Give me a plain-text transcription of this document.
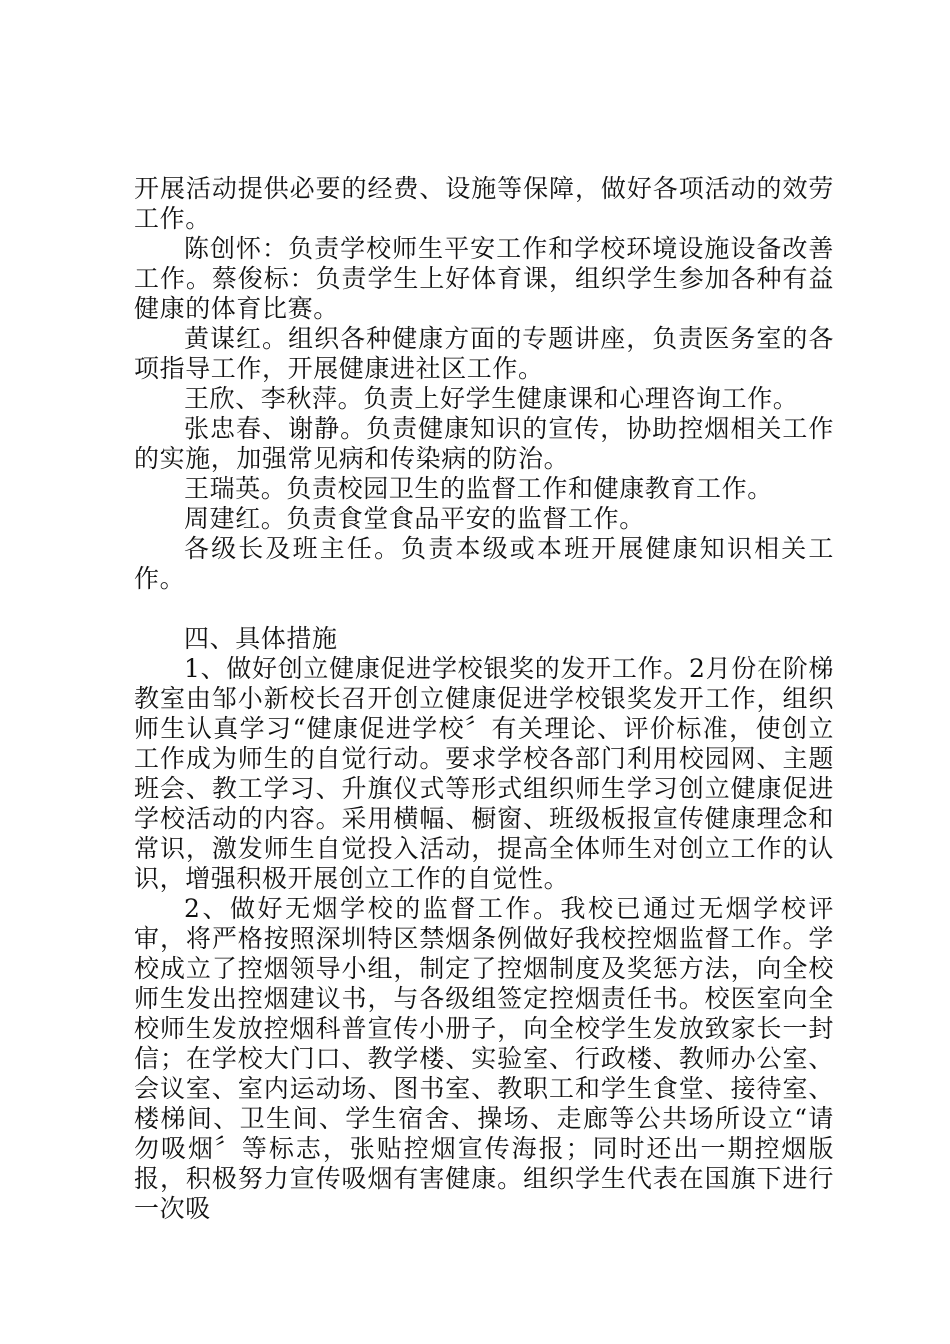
开展活动提供必要的经费、设施等保障，做好各项活动的效劳工作。

陈创怀：负责学校师生平安工作和学校环境设施设备改善工作。蔡俊标：负责学生上好体育课，组织学生参加各种有益健康的体育比赛。

黄谋红。组织各种健康方面的专题讲座，负责医务室的各项指导工作，开展健康进社区工作。

王欣、李秋萍。负责上好学生健康课和心理咨询工作。

张忠春、谢静。负责健康知识的宣传，协助控烟相关工作的实施，加强常见病和传染病的防治。

王瑞英。负责校园卫生的监督工作和健康教育工作。

周建红。负责食堂食品平安的监督工作。

各级长及班主任。负责本级或本班开展健康知识相关工作。

四、具体措施

1、做好创立健康促进学校银奖的发开工作。2月份在阶梯教室由邹小新校长召开创立健康促进学校银奖发开工作，组织师生认真学习“健康促进学校〞有关理论、评价标准，使创立工作成为师生的自觉行动。要求学校各部门利用校园网、主题班会、教工学习、升旗仪式等形式组织师生学习创立健康促进学校活动的内容。采用横幅、橱窗、班级板报宣传健康理念和常识，激发师生自觉投入活动，提高全体师生对创立工作的认识，增强积极开展创立工作的自觉性。

2、做好无烟学校的监督工作。我校已通过无烟学校评审，将严格按照深圳特区禁烟条例做好我校控烟监督工作。学校成立了控烟领导小组，制定了控烟制度及奖惩方法，向全校师生发出控烟建议书，与各级组签定控烟责任书。校医室向全校师生发放控烟科普宣传小册子，向全校学生发放致家长一封信；在学校大门口、教学楼、实验室、行政楼、教师办公室、会议室、室内运动场、图书室、教职工和学生食堂、接待室、楼梯间、卫生间、学生宿舍、操场、走廊等公共场所设立“请勿吸烟〞等标志，张贴控烟宣传海报；同时还出一期控烟版报，积极努力宣传吸烟有害健康。组织学生代表在国旗下进行一次吸
